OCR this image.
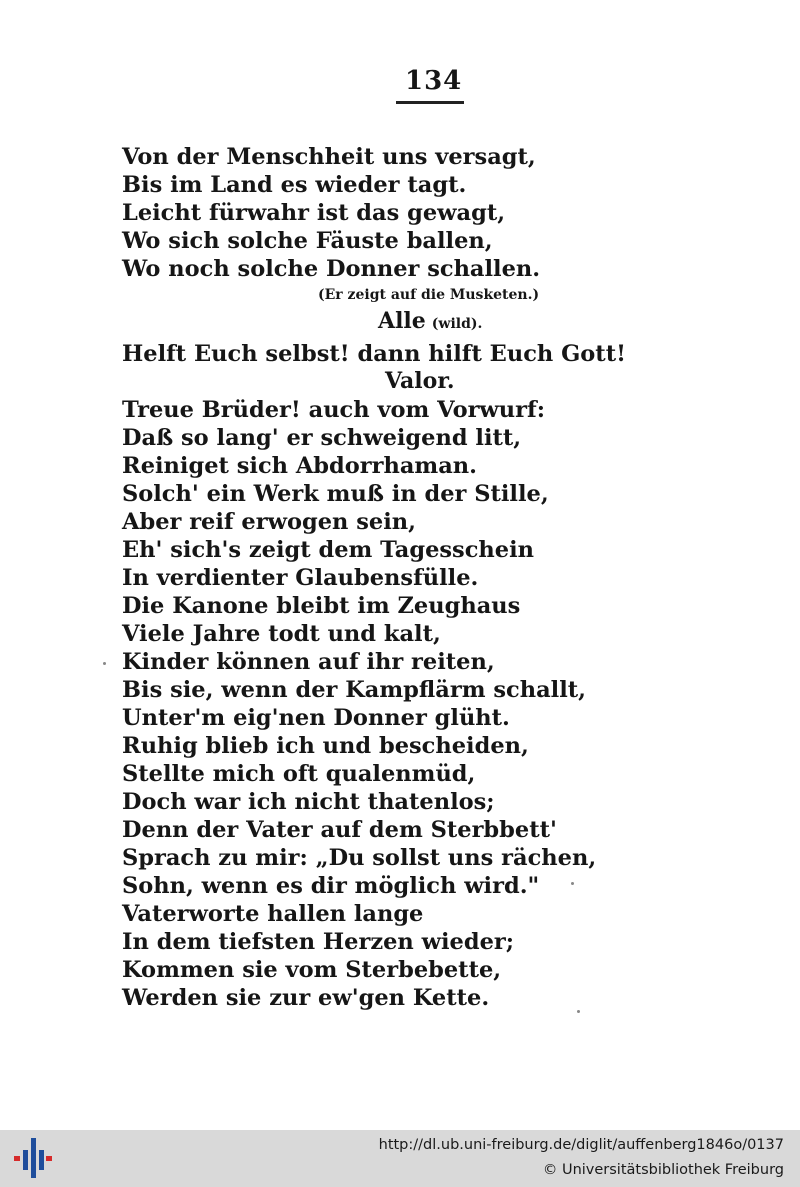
134
Von der Menschheit uns versagt,
Bis im Land es wieder tagt.
Leicht fürwahr ist das gewagt,
Wo sich solche Fäuste ballen,
Wo noch solche Donner schallen.
(Er zeigt auf die Musketen.)
Alle (wild).
Helft Euch selbst! dann hilft Euch Gott!
Valor.
Treue Brüder! auch vom Vorwurf:
Daß so lang' er schweigend litt,
Reiniget sich Abdorrhaman.
Solch' ein Werk muß in der Stille,
Aber reif erwogen sein,
Eh' sich's zeigt dem Tagesschein
In verdienter Glaubensfülle.
Die Kanone bleibt im Zeughaus
Viele Jahre todt und kalt,
Kinder können auf ihr reiten,
Bis sie, wenn der Kampflärm schallt,
Unter'm eig'nen Donner glüht.
Ruhig blieb ich und bescheiden,
Stellte mich oft qualenmüd,
Doch war ich nicht thatenlos;
Denn der Vater auf dem Sterbbett'
Sprach zu mir: „Du sollst uns rächen,
Sohn, wenn es dir möglich wird."
Vaterworte hallen lange
In dem tiefsten Herzen wieder;
Kommen sie vom Sterbebette,
Werden sie zur ew'gen Kette.
http://dl.ub.uni-freiburg.de/diglit/auffenberg1846o/0137
© Universitätsbibliothek Freiburg
